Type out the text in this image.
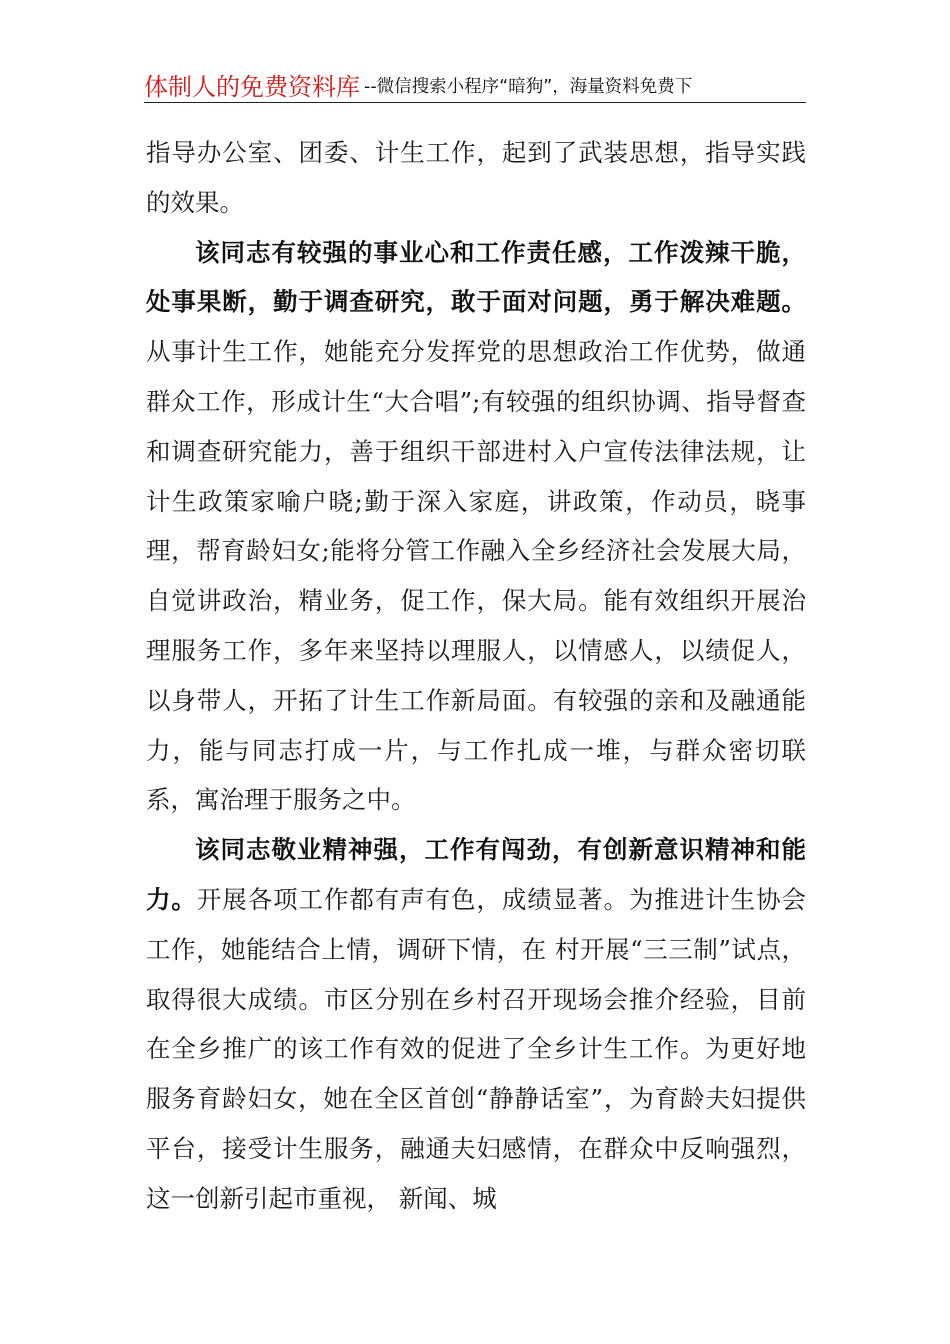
体制人的免费资料库 --微信搜索小程序“暗狗”，海量资料免费下

指导办公室、团委、计生工作，起到了武装思想，指导实践的效果。

该同志有较强的事业心和工作责任感，工作泼辣干脆，处事果断，勤于调查研究，敢于面对问题，勇于解决难题。从事计生工作，她能充分发挥党的思想政治工作优势，做通群众工作，形成计生“大合唱”;有较强的组织协调、指导督查和调查研究能力，善于组织干部进村入户宣传法律法规，让计生政策家喻户晓;勤于深入家庭，讲政策，作动员，晓事理，帮育龄妇女;能将分管工作融入全乡经济社会发展大局，自觉讲政治，精业务，促工作，保大局。能有效组织开展治理服务工作，多年来坚持以理服人，以情感人，以绩促人，以身带人，开拓了计生工作新局面。有较强的亲和及融通能力，能与同志打成一片，与工作扎成一堆，与群众密切联系，寓治理于服务之中。

该同志敬业精神强，工作有闯劲，有创新意识精神和能力。开展各项工作都有声有色，成绩显著。为推进计生协会工作，她能结合上情，调研下情，在 村开展“三三制”试点，取得很大成绩。市区分别在乡村召开现场会推介经验，目前在全乡推广的该工作有效的促进了全乡计生工作。为更好地服务育龄妇女，她在全区首创“静静话室”，为育龄夫妇提供平台，接受计生服务，融通夫妇感情，在群众中反响强烈，这一创新引起市重视， 新闻、城
